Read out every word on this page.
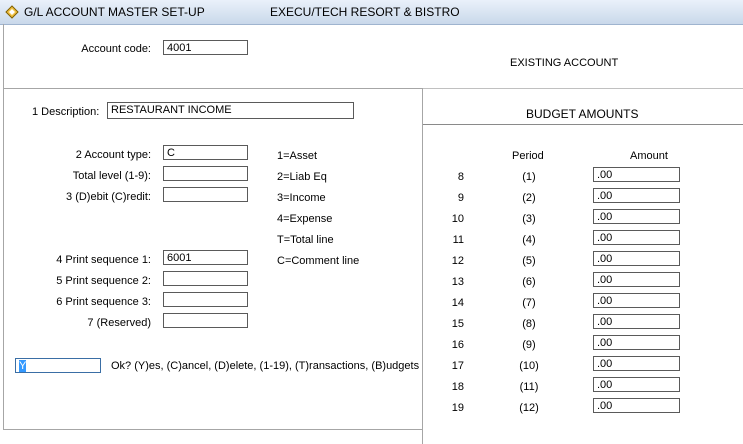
G/L ACCOUNT MASTER SET-UP	EXECU/TECH RESORT & BISTRO
Account code:	4001
EXISTING ACCOUNT
1 Description:	RESTAURANT INCOME
2 Account type:	C
Total level (1-9):
3 (D)ebit (C)redit:
4 Print sequence 1:	6001
5 Print sequence 2:
6 Print sequence 3:
7 (Reserved)
1=Asset
2=Liab Eq
3=Income
4=Expense
T=Total line
C=Comment line
Y	Ok? (Y)es, (C)ancel, (D)elete, (1-19), (T)ransactions, (B)udgets
BUDGET AMOUNTS
Period	Amount
8	(1)	.00
9	(2)	.00
10	(3)	.00
11	(4)	.00
12	(5)	.00
13	(6)	.00
14	(7)	.00
15	(8)	.00
16	(9)	.00
17	(10)	.00
18	(11)	.00
19	(12)	.00
